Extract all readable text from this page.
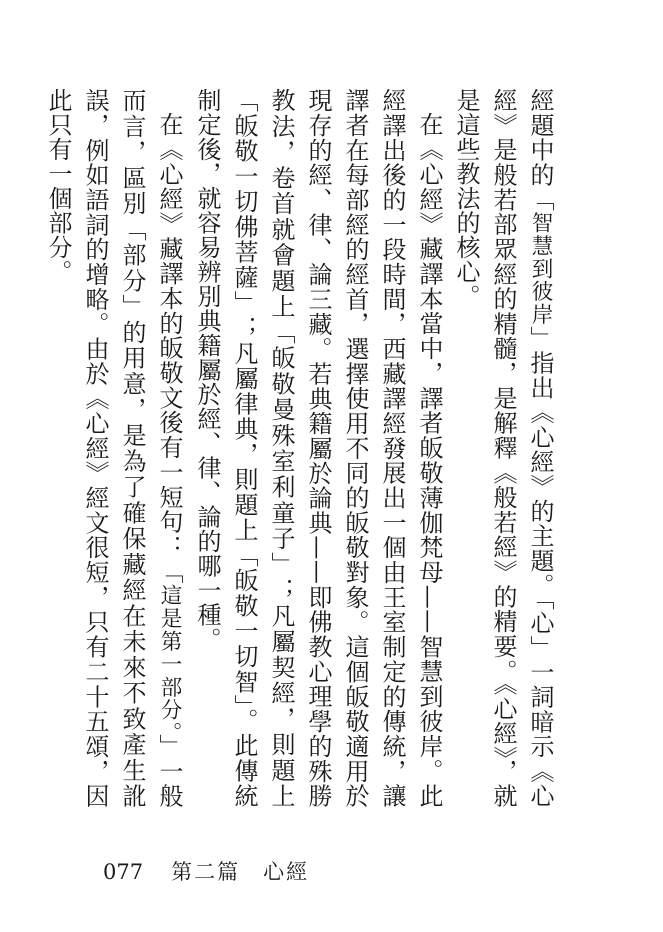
經題中的「智慧到彼岸」指出《心經》的主題。「心」一詞暗示《心經》是般若部眾經的精髓，是解釋《般若經》的精要。《心經》，就是這些教法的核心。

在《心經》藏譯本當中，譯者皈敬薄伽梵母——智慧到彼岸。此經譯出後的一段時間，西藏譯經發展出一個由王室制定的傳統，讓譯者在每部經的經首，選擇使用不同的皈敬對象。這個皈敬適用於現存的經、律、論三藏。若典籍屬於論典——即佛教心理學的殊勝教法，卷首就會題上「皈敬曼殊室利童子」；凡屬契經，則題上「皈敬一切佛菩薩」；凡屬律典，則題上「皈敬一切智」。此傳統制定後，就容易辨別典籍屬於經、律、論的哪一種。

在《心經》藏譯本的皈敬文後有一短句：「這是第一部分。」一般而言，區別「部分」的用意，是為了確保藏經在未來不致產生訛誤，例如語詞的增略。由於《心經》經文很短，只有二十五頌，因此只有一個部分。

077 第二篇　心經
